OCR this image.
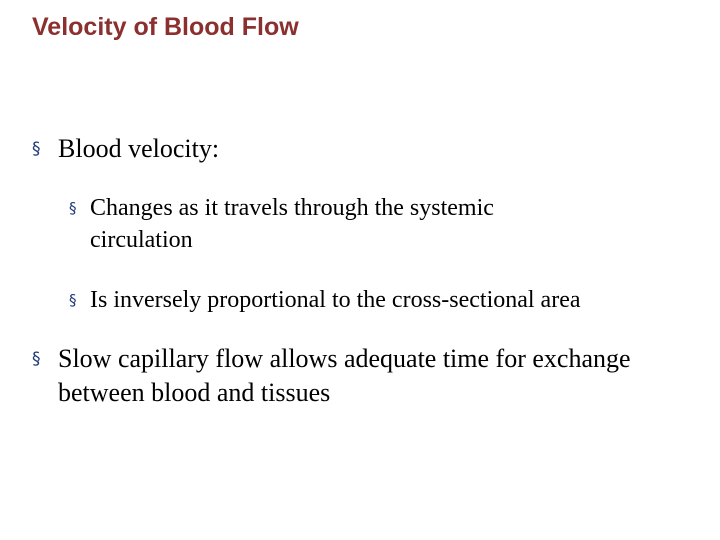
Velocity of Blood Flow
§ Blood velocity:
§ Changes as it travels through the systemic circulation
§ Is inversely proportional to the cross-sectional area
§ Slow capillary flow allows adequate time for exchange between blood and tissues
